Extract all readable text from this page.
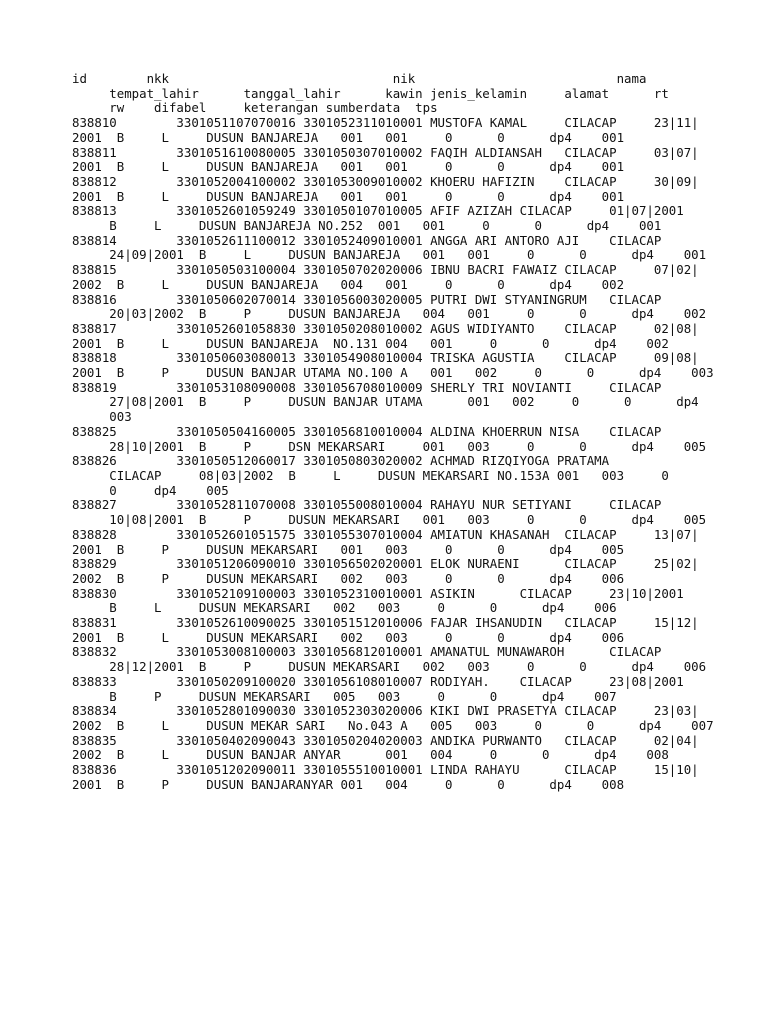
id        nkk                              nik                           nama
tempat_lahir      tanggal_lahir      kawin jenis_kelamin     alamat      rt
rw    difabel     keterangan sumberdata  tps
838810        3301051107070016 3301052311010001 MUSTOFA KAMAL     CILACAP     23|11|
2001  B     L     DUSUN BANJAREJA   001   001     0      0      dp4    001
838811        3301051610080005 3301050307010002 FAQIH ALDIANSAH   CILACAP     03|07|
2001  B     L     DUSUN BANJAREJA   001   001     0      0      dp4    001
838812        3301052004100002 3301053009010002 KHOERU HAFIZIN    CILACAP     30|09|
2001  B     L     DUSUN BANJAREJA   001   001     0      0      dp4    001
838813        3301052601059249 3301050107010005 AFIF AZIZAH CILACAP     01|07|2001
B     L     DUSUN BANJAREJA NO.252  001   001     0      0      dp4    001

838814        3301052611100012 3301052409010001 ANGGA ARI ANTORO AJI    CILACAP
24|09|2001  B     L     DUSUN BANJAREJA   001   001     0      0      dp4    001

838815        3301050503100004 3301050702020006 IBNU BACRI FAWAIZ CILACAP     07|02|
2002  B     L     DUSUN BANJAREJA   004   001     0      0      dp4    002
838816        3301050602070014 3301056003020005 PUTRI DWI STYANINGRUM   CILACAP
20|03|2002  B     P     DUSUN BANJAREJA   004   001     0      0      dp4    002

838817        3301052601058830 3301050208010002 AGUS WIDIYANTO    CILACAP     02|08|
2001  B     L     DUSUN BANJAREJA  NO.131 004   001     0      0      dp4    002

838818        3301050603080013 3301054908010004 TRISKA AGUSTIA    CILACAP     09|08|
2001  B     P     DUSUN BANJAR UTAMA NO.100 A   001   002     0      0      dp4    003

838819        3301053108090008 3301056708010009 SHERLY TRI NOVIANTI     CILACAP
27|08|2001  B     P     DUSUN BANJAR UTAMA      001   002     0      0      dp4
003
838825        3301050504160005 3301056810010004 ALDINA KHOERRUN NISA    CILACAP
28|10|2001  B     P     DSN MEKARSARI     001   003     0      0      dp4    005

838826        3301050512060017 3301050803020002 ACHMAD RIZQIYOGA PRATAMA
CILACAP     08|03|2002  B     L     DUSUN MEKARSARI NO.153A 001   003     0
0     dp4    005
838827        3301052811070008 3301055008010004 RAHAYU NUR SETIYANI     CILACAP
10|08|2001  B     P     DUSUN MEKARSARI   001   003     0      0      dp4    005

838828        3301052601051575 3301055307010004 AMIATUN KHASANAH  CILACAP     13|07|
2001  B     P     DUSUN MEKARSARI   001   003     0      0      dp4    005
838829        3301051206090010 3301056502020001 ELOK NURAENI      CILACAP     25|02|
2002  B     P     DUSUN MEKARSARI   002   003     0      0      dp4    006
838830        3301052109100003 3301052310010001 ASIKIN      CILACAP     23|10|2001
B     L     DUSUN MEKARSARI   002   003     0      0      dp4    006
838831        3301052610090025 3301051512010006 FAJAR IHSANUDIN   CILACAP     15|12|
2001  B     L     DUSUN MEKARSARI   002   003     0      0      dp4    006
838832        3301053008100003 3301056812010001 AMANATUL MUNAWAROH      CILACAP
28|12|2001  B     P     DUSUN MEKARSARI   002   003     0      0      dp4    006

838833        3301050209100020 3301056108010007 RODIYAH.    CILACAP     23|08|2001
B     P     DUSUN MEKARSARI   005   003     0      0      dp4    007
838834        3301052801090030 3301052303020006 KIKI DWI PRASETYA CILACAP     23|03|
2002  B     L     DUSUN MEKAR SARI   No.043 A   005   003     0      0      dp4    007

838835        3301050402090043 3301050204020003 ANDIKA PURWANTO   CILACAP     02|04|
2002  B     L     DUSUN BANJAR ANYAR      001   004     0      0      dp4    008

838836        3301051202090011 3301055510010001 LINDA RAHAYU      CILACAP     15|10|
2001  B     P     DUSUN BANJARANYAR 001   004     0      0      dp4    008
